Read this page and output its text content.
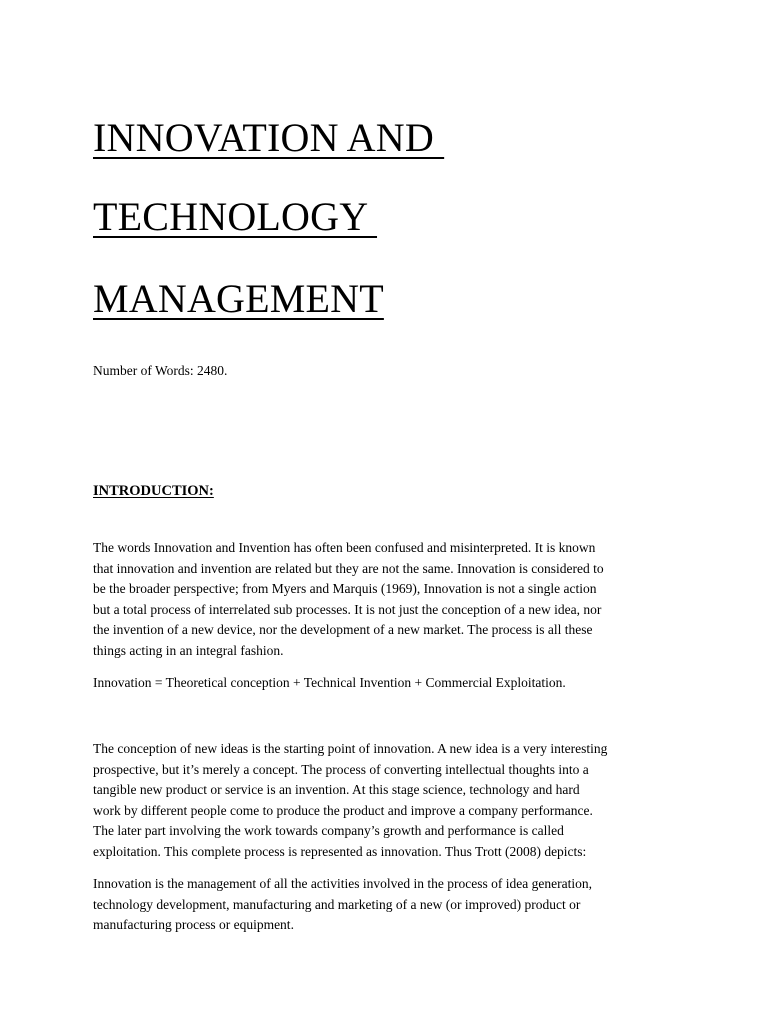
INNOVATION AND
TECHNOLOGY
MANAGEMENT

Number of Words: 2480.

INTRODUCTION:

The words Innovation and Invention has often been confused and misinterpreted. It is known
that innovation and invention are related but they are not the same. Innovation is considered to
be the broader perspective; from Myers and Marquis (1969), Innovation is not a single action
but a total process of interrelated sub processes. It is not just the conception of a new idea, nor
the invention of a new device, nor the development of a new market. The process is all these
things acting in an integral fashion.

Innovation = Theoretical conception + Technical Invention + Commercial Exploitation.

The conception of new ideas is the starting point of innovation. A new idea is a very interesting
prospective, but it’s merely a concept. The process of converting intellectual thoughts into a
tangible new product or service is an invention. At this stage science, technology and hard
work by different people come to produce the product and improve a company performance.
The later part involving the work towards company’s growth and performance is called
exploitation. This complete process is represented as innovation. Thus Trott (2008) depicts:

Innovation is the management of all the activities involved in the process of idea generation,
technology development, manufacturing and marketing of a new (or improved) product or
manufacturing process or equipment.
